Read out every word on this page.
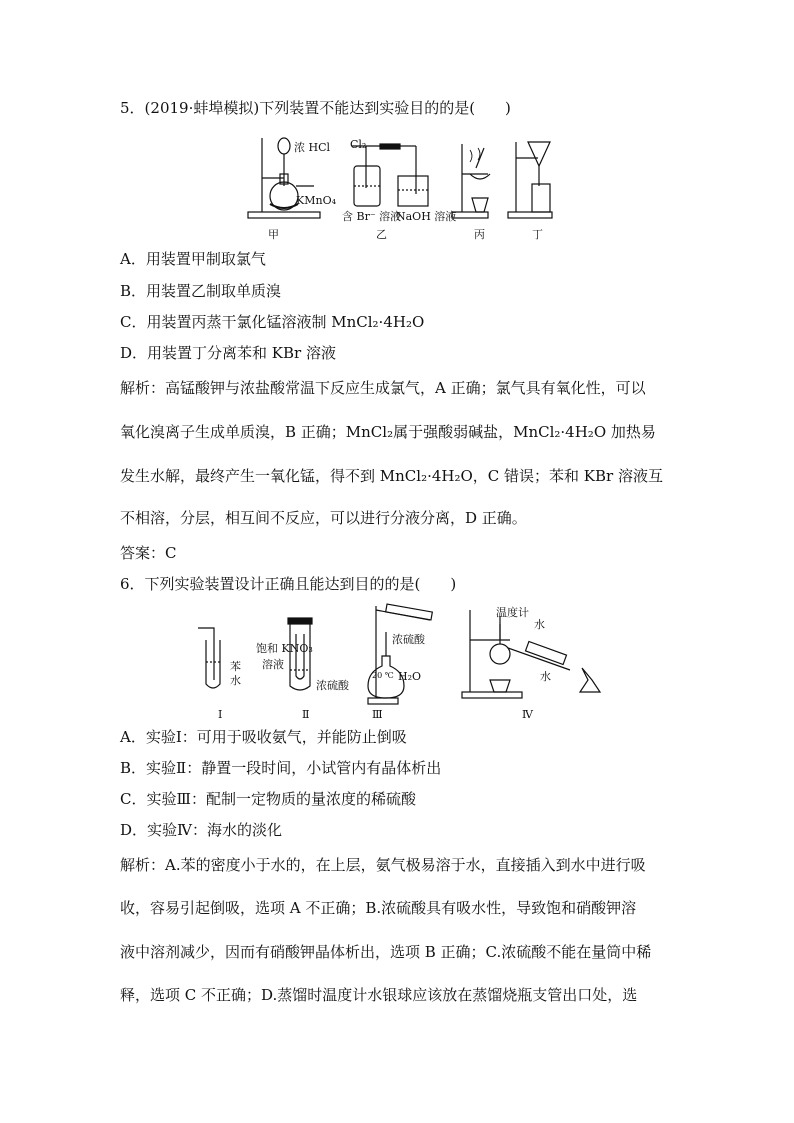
5．(2019·蚌埠模拟)下列装置不能达到实验目的的是(　　)
浓 HCl
KMnO₄
Cl₂
含 Br⁻ 溶液
NaOH 溶液
甲	乙	丙	丁
A．用装置甲制取氯气
B．用装置乙制取单质溴
C．用装置丙蒸干氯化锰溶液制 MnCl₂·4H₂O
D．用装置丁分离苯和 KBr 溶液
解析：高锰酸钾与浓盐酸常温下反应生成氯气，A 正确；氯气具有氧化性，可以
氧化溴离子生成单质溴，B 正确；MnCl₂属于强酸弱碱盐，MnCl₂·4H₂O 加热易
发生水解，最终产生一氧化锰，得不到 MnCl₂·4H₂O，C 错误；苯和 KBr 溶液互
不相溶，分层，相互间不反应，可以进行分液分离，D 正确。
答案：C
6．下列实验装置设计正确且能达到目的的是(　　)
苯
水
饱和 KNO₃
溶液
浓硫酸
浓硫酸
20 ℃ H₂O
温度计
水
水
Ⅰ	Ⅱ	Ⅲ	Ⅳ
A．实验Ⅰ：可用于吸收氨气，并能防止倒吸
B．实验Ⅱ：静置一段时间，小试管内有晶体析出
C．实验Ⅲ：配制一定物质的量浓度的稀硫酸
D．实验Ⅳ：海水的淡化
解析：A.苯的密度小于水的，在上层，氨气极易溶于水，直接插入到水中进行吸
收，容易引起倒吸，选项 A 不正确；B.浓硫酸具有吸水性，导致饱和硝酸钾溶
液中溶剂减少，因而有硝酸钾晶体析出，选项 B 正确；C.浓硫酸不能在量筒中稀
释，选项 C 不正确；D.蒸馏时温度计水银球应该放在蒸馏烧瓶支管出口处，选
